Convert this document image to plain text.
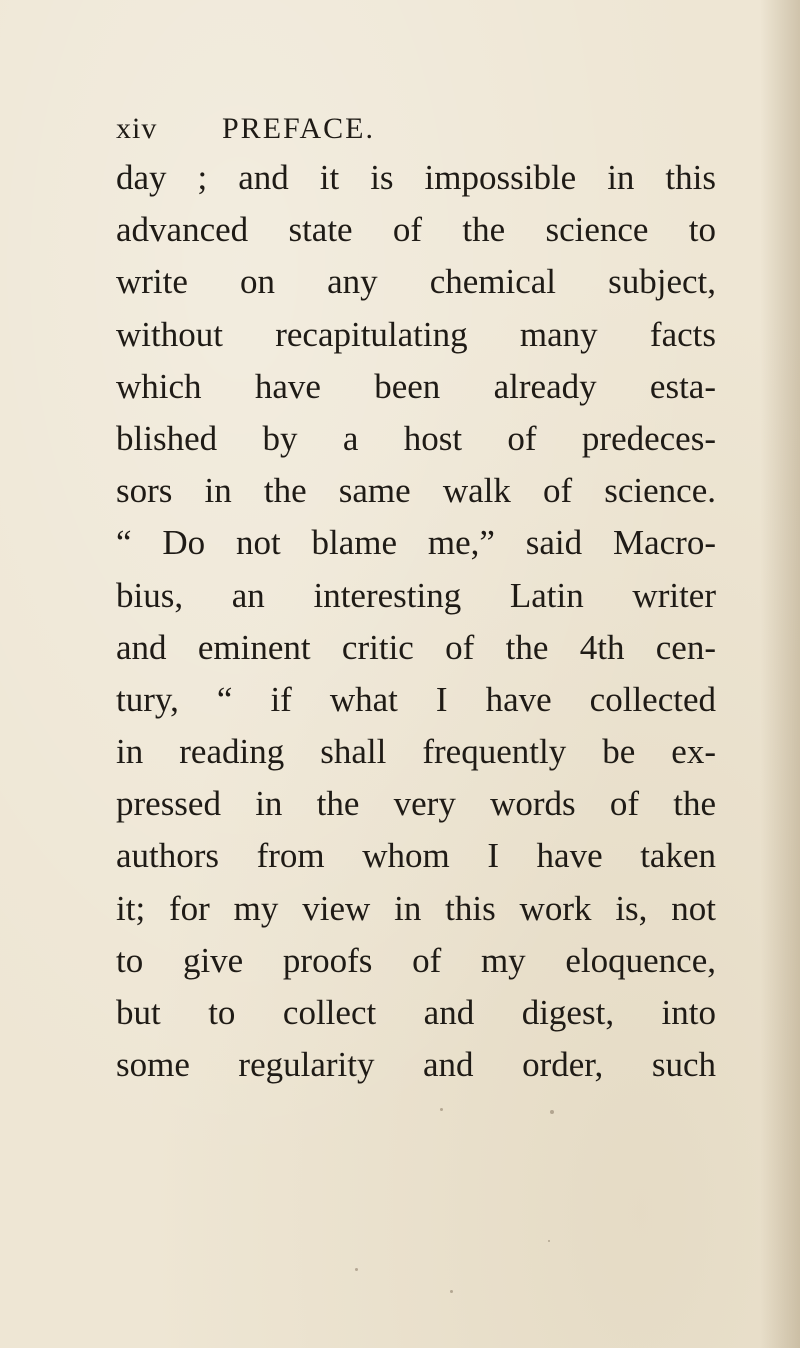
xiv PREFACE.
day ; and it is impossible in this
advanced state of the science to
write on any chemical subject,
without recapitulating many facts
which have been already esta-
blished by a host of predeces-
sors in the same walk of science.
“ Do not blame me,” said Macro-
bius, an interesting Latin writer
and eminent critic of the 4th cen-
tury, “ if what I have collected
in reading shall frequently be ex-
pressed in the very words of the
authors from whom I have taken
it; for my view in this work is, not
to give proofs of my eloquence,
but to collect and digest, into
some regularity and order, such
